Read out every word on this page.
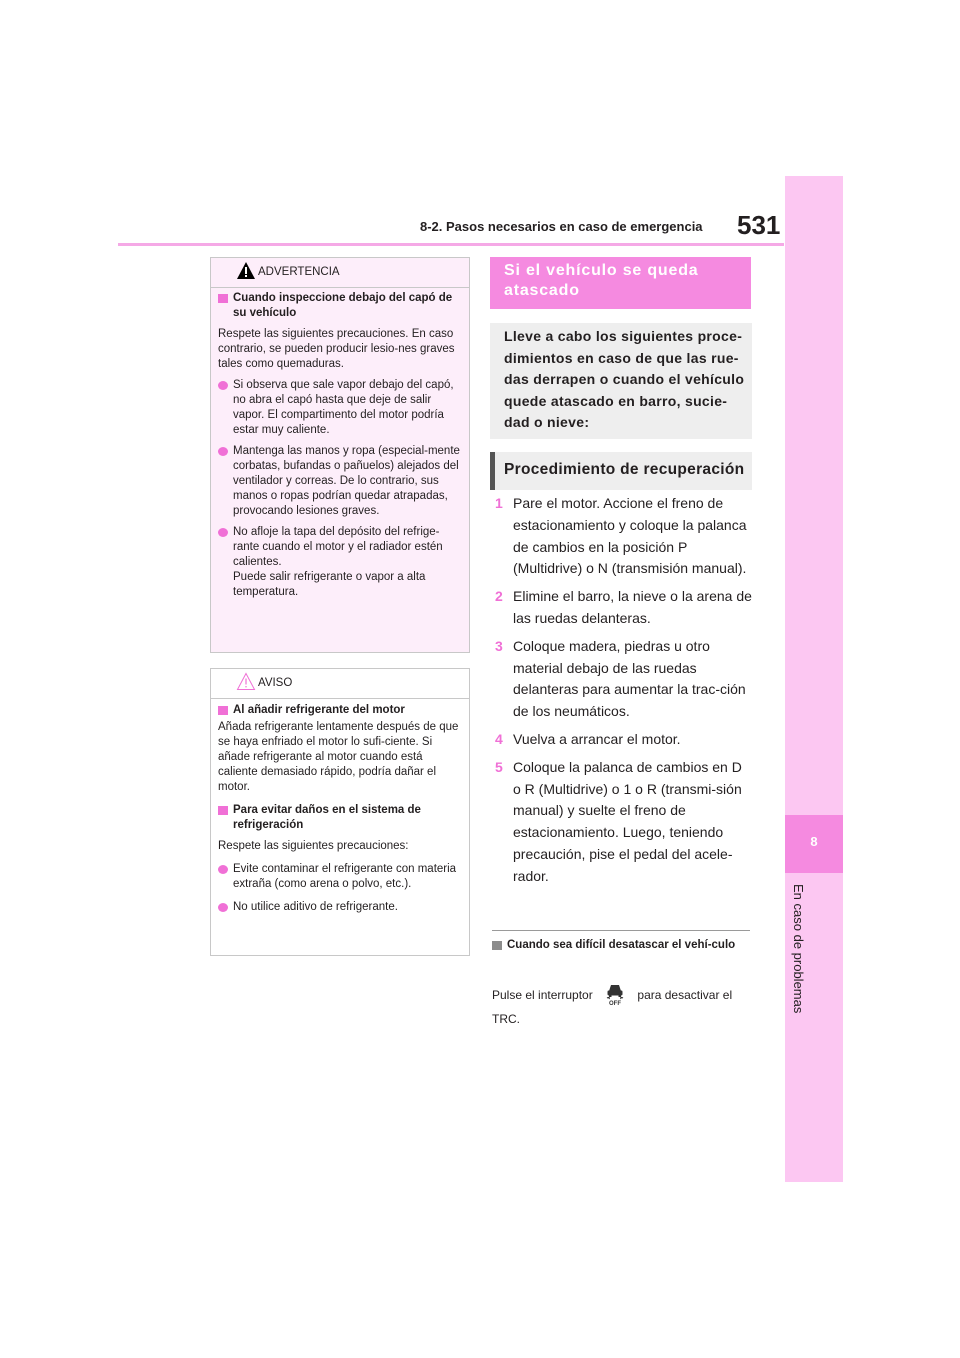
8-2. Pasos necesarios en caso de emergencia 531
8
En caso de problemas
ADVERTENCIA
Cuando inspeccione debajo del capó de su vehículo
Respete las siguientes precauciones. En caso contrario, se pueden producir lesio-nes graves tales como quemaduras.
Si observa que sale vapor debajo del capó, no abra el capó hasta que deje de salir vapor. El compartimento del motor podría estar muy caliente.
Mantenga las manos y ropa (especial-mente corbatas, bufandas o pañuelos) alejados del ventilador y correas. De lo contrario, sus manos o ropas podrían quedar atrapadas, provocando lesiones graves.
No afloje la tapa del depósito del refrige-rante cuando el motor y el radiador estén calientes.
Puede salir refrigerante o vapor a alta temperatura.
AVISO
Al añadir refrigerante del motor
Añada refrigerante lentamente después de que se haya enfriado el motor lo sufi-ciente. Si añade refrigerante al motor cuando está caliente demasiado rápido, podría dañar el motor.
Para evitar daños en el sistema de refrigeración
Respete las siguientes precauciones:
Evite contaminar el refrigerante con materia extraña (como arena o polvo, etc.).
No utilice aditivo de refrigerante.
Si el vehículo se queda atascado
Lleve a cabo los siguientes proce-dimientos en caso de que las rue-das derrapen o cuando el vehículo quede atascado en barro, sucie-dad o nieve:
Procedimiento de recuperación
1 Pare el motor. Accione el freno de estacionamiento y coloque la palanca de cambios en la posición P (Multidrive) o N (transmisión manual).
2 Elimine el barro, la nieve o la arena de las ruedas delanteras.
3 Coloque madera, piedras u otro material debajo de las ruedas delanteras para aumentar la trac-ción de los neumáticos.
4 Vuelva a arrancar el motor.
5 Coloque la palanca de cambios en D o R (Multidrive) o 1 o R (transmi-sión manual) y suelte el freno de estacionamiento. Luego, teniendo precaución, pise el pedal del acele-rador.
Cuando sea difícil desatascar el vehí-culo
Pulse el interruptor
OFF
para desactivar el TRC.
